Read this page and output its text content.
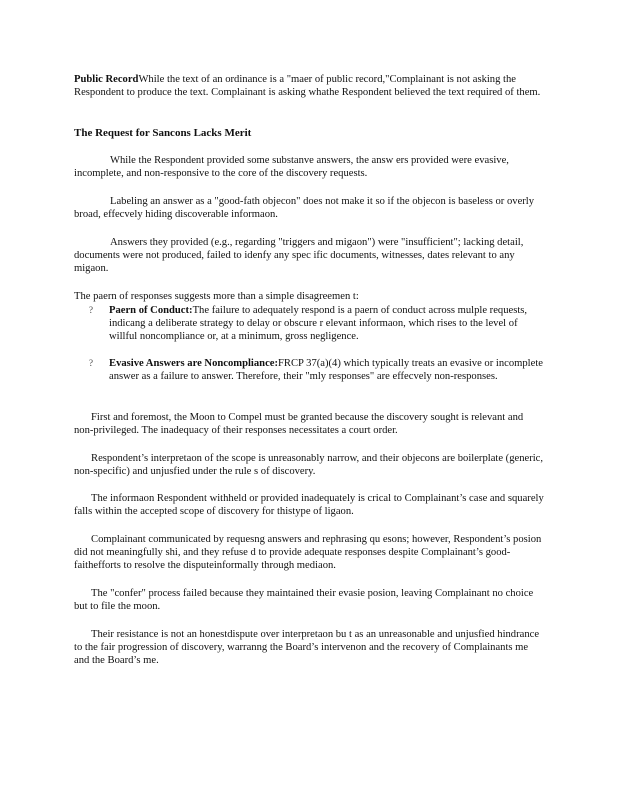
Public RecordWhile the text of an ordinance is a "maer of public record,"Complainant is not asking the Respondent to produce the text. Complainant is asking whathe Respondent believed the text required of them.

The Request for Sancons Lacks Merit

While the Respondent provided some substanve answers, the answ ers provided were evasive, incomplete, and non-responsive to the core of the discovery requests.

Labeling an answer as a "good-fath objecon" does not make it so if the objecon is baseless or overly broad, effecvely hiding discoverable informaon.

Answers they provided (e.g., regarding "triggers and migaon") were "insufficient"; lacking detail, documents were not produced, failed to idenfy any spec ific documents, witnesses, dates relevant to any migaon.

The paern of responses suggests more than a simple disagreemen t:

? Paern of Conduct:The failure to adequately respond is a paern of conduct across mulple requests, indicang a deliberate strategy to delay or obscure r elevant informaon, which rises to the level of willful noncompliance or, at a minimum, gross negligence.
? Evasive Answers are Noncompliance:FRCP 37(a)(4) which typically treats an evasive or incomplete answer as a failure to answer. Therefore, their "mly responses" are effecvely non-responses.

First and foremost, the Moon to Compel must be granted because the discovery sought is relevant and non-privileged. The inadequacy of their responses necessitates a court order.

Respondent’s interpretaon of the scope is unreasonably narrow, and their objecons are boilerplate (generic, non-specific) and unjusfied under the rule s of discovery.

The informaon Respondent withheld or provided inadequately is crical to Complainant’s case and squarely falls within the accepted scope of discovery for thistype of ligaon.

Complainant communicated by requesng answers and rephrasing qu esons; however, Respondent’s posion did not meaningfully shi, and they refuse d to provide adequate responses despite Complainant’s good-faithefforts to resolve the disputeinformally through mediaon.

The "confer" process failed because they maintained their evasie posion, leaving Complainant no choice but to file the moon.

Their resistance is not an honestdispute over interpretaon bu t as an unreasonable and unjusfied hindrance to the fair progression of discovery, warranng the Board’s intervenon and the recovery of Complainants me and the Board’s me.
